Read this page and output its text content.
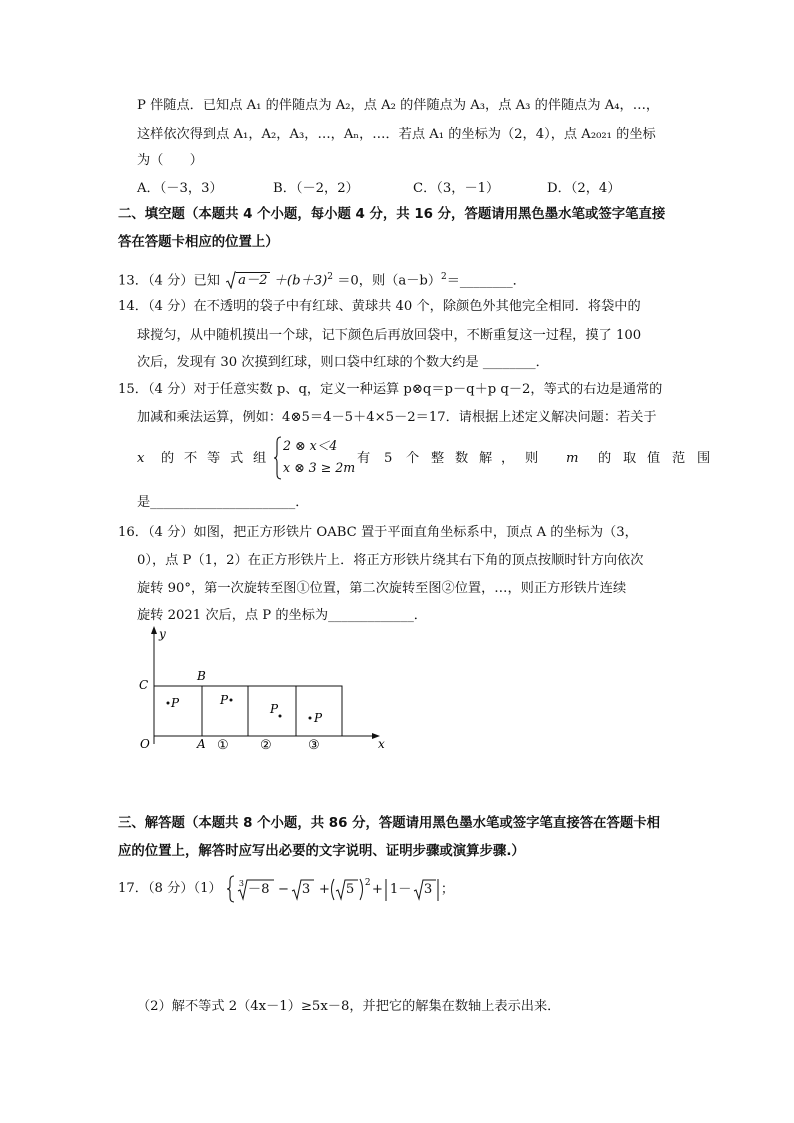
P 伴随点．已知点 A₁ 的伴随点为 A₂，点 A₂ 的伴随点为 A₃，点 A₃ 的伴随点为 A₄，…，
这样依次得到点 A₁，A₂，A₃，…，Aₙ，…．若点 A₁ 的坐标为（2，4），点 A₂₀₂₁ 的坐标
为（　　）
A．（－3，3）	B．（－2，2）	C．（3，－1）	D．（2，4）
二、填空题（本题共 4 个小题，每小题 4 分，共 16 分，答题请用黑色墨水笔或签字笔直接
答在答题卡相应的位置上）
13．（4 分）已知 $a-2 +(b+3)^2 =0$，则$(a-b)^2=\_\_\_\_\_\_\_\_$．
14．（4 分）在不透明的袋子中有红球、黄球共 40 个，除颜色外其他完全相同．将袋中的
球搅匀，从中随机摸出一个球，记下颜色后再放回袋中，不断重复这一过程，摸了 100
次后，发现有 30 次摸到红球，则口袋中红球的个数大约是 ________．
15．（4 分）对于任意实数 p、q，定义一种运算 p⊗q＝p－q＋p q－2，等式的右边是通常的
加减和乘法运算，例如：4⊗5＝4－5＋4×5－2＝17．请根据上述定义解决问题：若关于
x 的 不 等 式 组
2 ⊗ x＜4
x ⊗ 3 ≥ 2m
有 5 个 整 数 解 ， 则 m 的 取 值 范 围
是______________________．
16．（4 分）如图，把正方形铁片 OABC 置于平面直角坐标系中，顶点 A 的坐标为（3，
0），点 P（1，2）在正方形铁片上．将正方形铁片绕其右下角的顶点按顺时针方向依次
旋转 90°，第一次旋转至图①位置，第二次旋转至图②位置，…，则正方形铁片连续
旋转 2021 次后，点 P 的坐标为_____________．
y
x
O
C
B
A
P	P
P
P
① ②	③
三、解答题（本题共 8 个小题，共 86 分，答题请用黑色墨水笔或签字笔直接答在答题卡相
应的位置上，解答时应写出必要的文字说明、证明步骤或演算步骤.）
17．（8 分）（1） 3 －8 − 3 + 5 2 + 1－ 3 ；
（2）解不等式 2（4x－1）≥5x－8，并把它的解集在数轴上表示出来．
